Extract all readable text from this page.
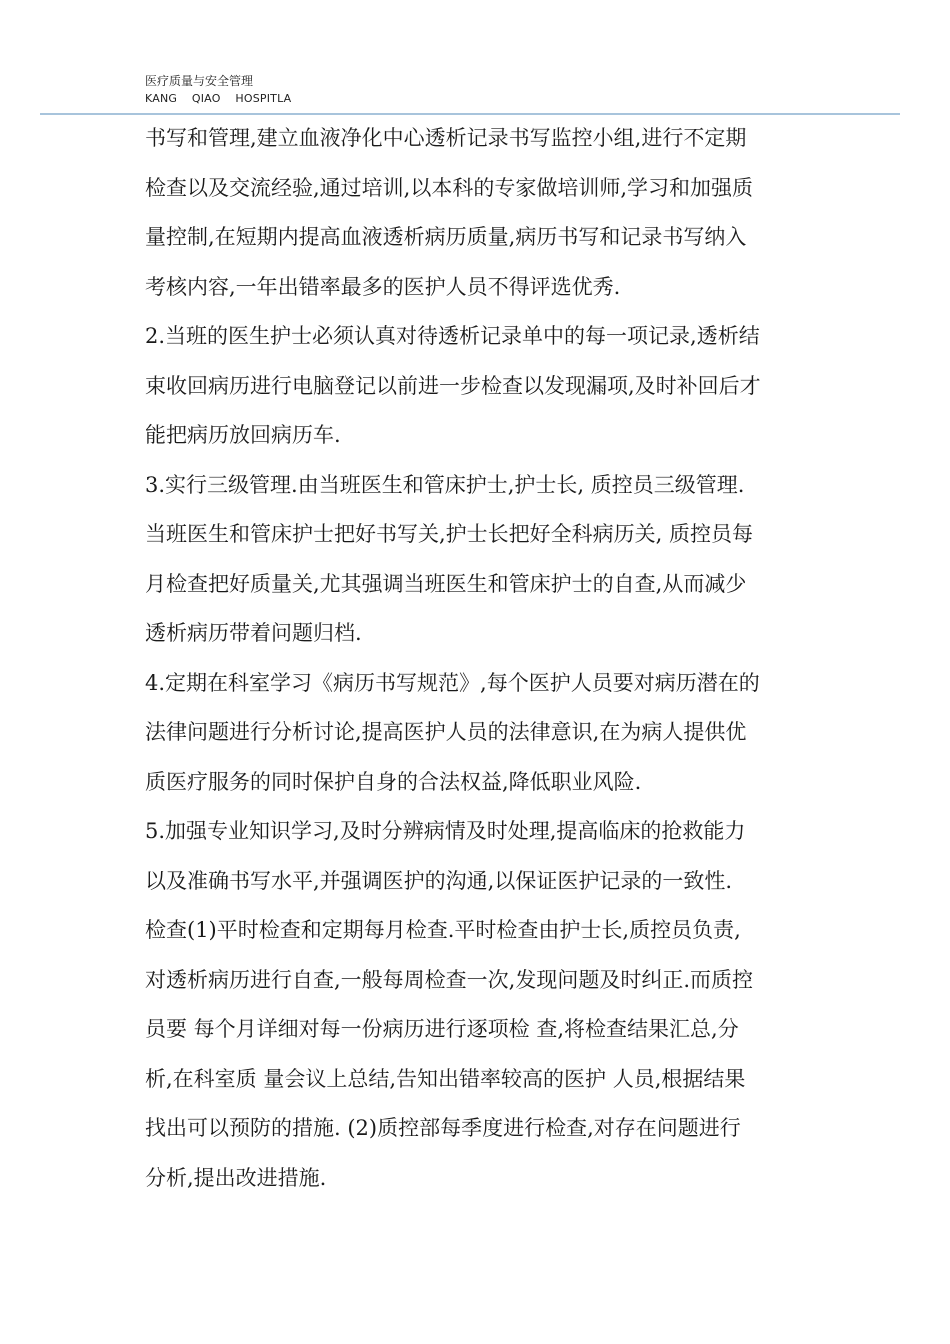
医疗质量与安全管理
KANG    QIAO    HOSPITLA
书写和管理,建立血液净化中心透析记录书写监控小组,进行不定期
检查以及交流经验,通过培训,以本科的专家做培训师,学习和加强质
量控制,在短期内提高血液透析病历质量,病历书写和记录书写纳入
考核内容,一年出错率最多的医护人员不得评选优秀.
2.当班的医生护士必须认真对待透析记录单中的每一项记录,透析结
束收回病历进行电脑登记以前进一步检查以发现漏项,及时补回后才
能把病历放回病历车.
3.实行三级管理.由当班医生和管床护士,护士长, 质控员三级管理.
当班医生和管床护士把好书写关,护士长把好全科病历关, 质控员每
月检查把好质量关,尤其强调当班医生和管床护士的自查,从而减少
透析病历带着问题归档.
4.定期在科室学习《病历书写规范》,每个医护人员要对病历潜在的
法律问题进行分析讨论,提高医护人员的法律意识,在为病人提供优
质医疗服务的同时保护自身的合法权益,降低职业风险.
5.加强专业知识学习,及时分辨病情及时处理,提高临床的抢救能力
以及准确书写水平,并强调医护的沟通,以保证医护记录的一致性.
检查(1)平时检查和定期每月检查.平时检查由护士长,质控员负责,
对透析病历进行自查,一般每周检查一次,发现问题及时纠正.而质控
员要 每个月详细对每一份病历进行逐项检 查,将检查结果汇总,分
析,在科室质 量会议上总结,告知出错率较高的医护 人员,根据结果
找出可以预防的措施. (2)质控部每季度进行检查,对存在问题进行
分析,提出改进措施.
